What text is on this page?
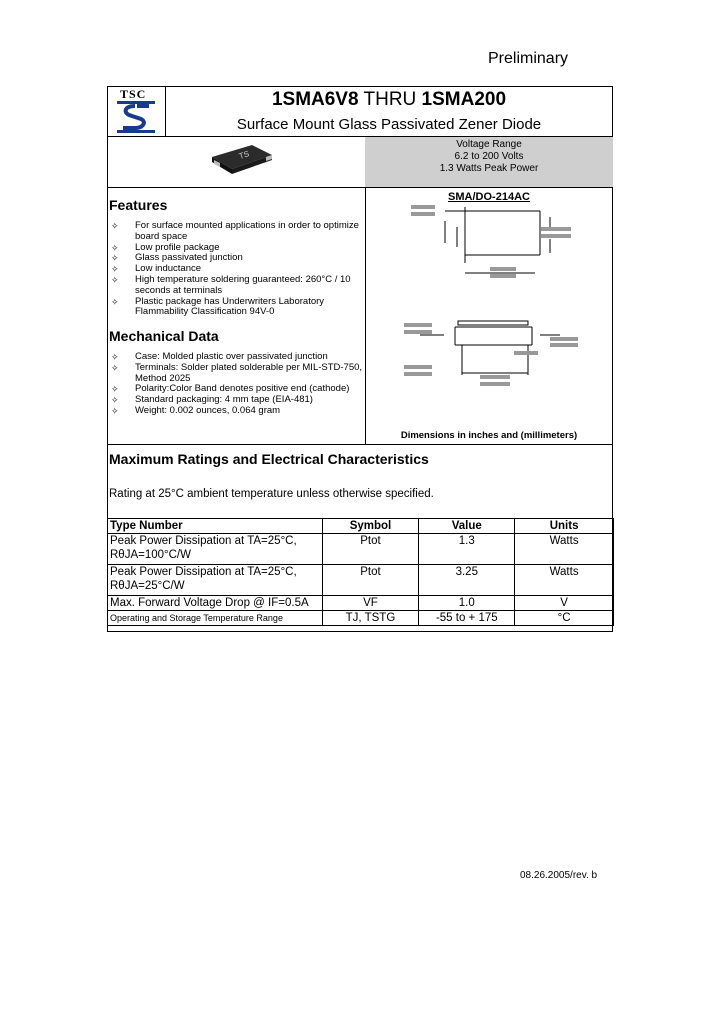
Preliminary
TSC	1SMA6V8 THRU 1SMA200
Surface Mount Glass Passivated Zener Diode
TS
Voltage Range
6.2 to 200 Volts
1.3 Watts Peak Power
SMA/DO-214AC
Dimensions in inches and (millimeters)
Features
✧ For surface mounted applications in order to optimize board space
✧ Low profile package
✧ Glass passivated junction
✧ Low inductance
✧ High temperature soldering guaranteed: 260°C / 10 seconds at terminals
✧ Plastic package has Underwriters Laboratory Flammability Classification 94V-0
Mechanical Data
✧ Case: Molded plastic over passivated junction
✧ Terminals: Solder plated solderable per MIL-STD-750, Method 2025
✧ Polarity:Color Band denotes positive end (cathode)
✧ Standard packaging: 4 mm tape (EIA-481)
✧ Weight: 0.002 ounces, 0.064 gram
Maximum Ratings and Electrical Characteristics
Rating at 25°C ambient temperature unless otherwise specified.
Type Number	Symbol	Value	Units
Peak Power Dissipation at TA=25°C, RθJA=100°C/W	Ptot	1.3	Watts
Peak Power Dissipation at TA=25°C, RθJA=25°C/W	Ptot	3.25	Watts
Max. Forward Voltage Drop @ IF=0.5A	VF	1.0	V
Operating and Storage Temperature Range	TJ, TSTG	-55 to + 175	°C
08.26.2005/rev. b
